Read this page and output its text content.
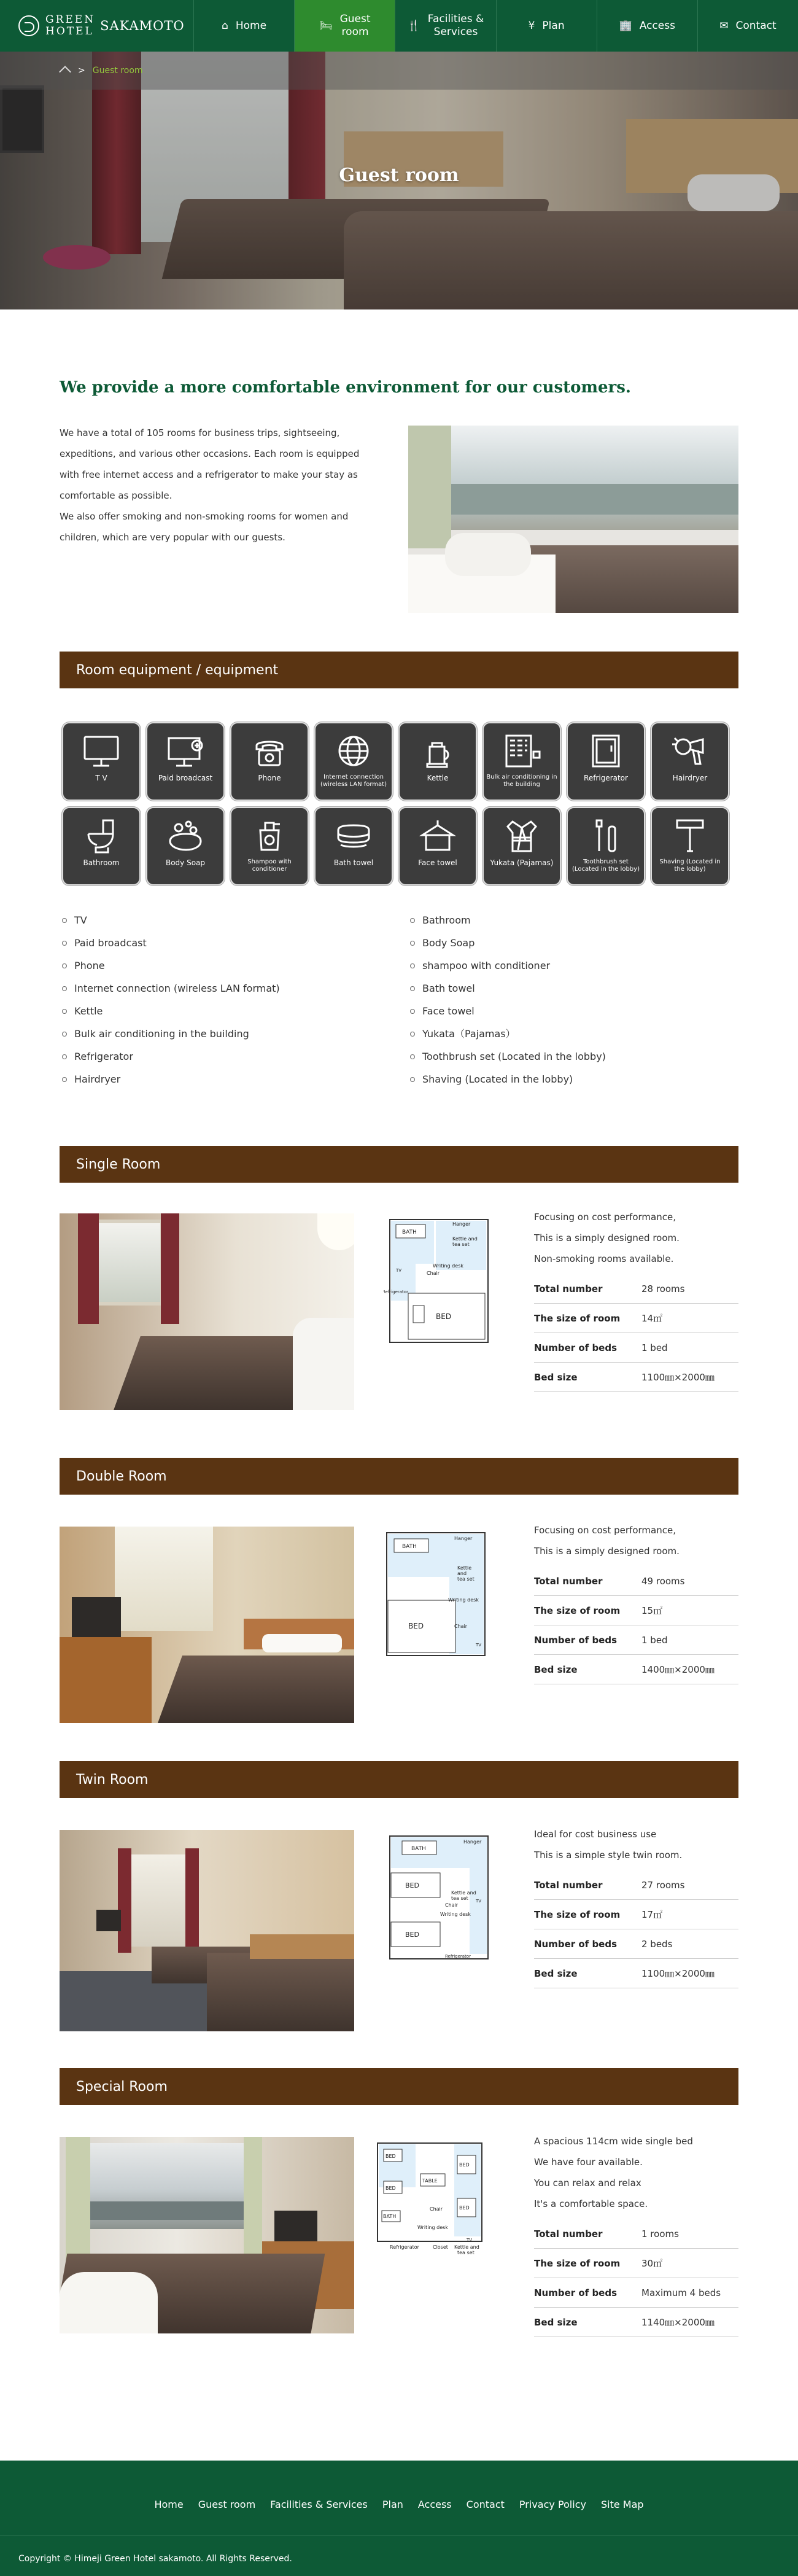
GREEN
HOTEL SAKAMOTO	⌂ Home	🛏
Guest
room
🍴
Facilities &
Services
¥ Plan	🏢 Access	✉ Contact
Guest room
> Guest room
We provide a more comfortable environment for our customers.

We have a total of 105 rooms for business trips, sightseeing, expeditions, and various other occasions. Each room is equipped with free internet access and a refrigerator to make your stay as comfortable as possible.
We also offer smoking and non-smoking rooms for women and children, which are very popular with our guests.

Room equipment / equipment
T V	Paid broadcast	Phone	Internet connection (wireless LAN format)
Kettle	Bulk air conditioning in the building
Refrigerator	Hairdryer
Bathroom	Body Soap	Shampoo with conditioner
Bath towel	Face towel	Yukata (Pajamas)	Toothbrush set (Located in the lobby)
Shaving (Located in the lobby)
TV
Paid broadcast
Phone
Internet connection (wireless LAN format)
Kettle
Bulk air conditioning in the building
Refrigerator
Hairdryer
Bathroom
Body Soap
shampoo with conditioner
Bath towel
Face towel
Yukata（Pajamas）
Toothbrush set (Located in the lobby)
Shaving (Located in the lobby)
Single Room
BATH
BED
Hanger
Kettle and
tea set
Writing desk
Chair
TV
Refrigerator

Focusing on cost performance,
This is a simply designed room.
Non-smoking rooms available.

Total number	28 rooms
The size of room	14㎡
Number of beds	1 bed
Bed size	1100㎜×2000㎜
Double Room
BATH
BED
Hanger
Kettle
and
tea set
Writing desk
Chair
TV

Focusing on cost performance,
This is a simply designed room.

Total number	49 rooms
The size of room	15㎡
Number of beds	1 bed
Bed size	1400㎜×2000㎜
Twin Room
BATH
BED
BED
Hanger
Kettle and
tea set
Writing desk
Chair
TV
Refrigerator

Ideal for cost business use
This is a simple style twin room.

Total number	27 rooms
The size of room	17㎡
Number of beds	2 beds
Bed size	1100㎜×2000㎜
Special Room
BED
BED
BED
BED
TABLE
BATH
Chair
Writing desk
TV
Refrigerator	Closet Kettle and
tea set

A spacious 114cm wide single bed
We have four available.
You can relax and relax
It's a comfortable space.

Total number	1 rooms
The size of room	30㎡
Number of beds	Maximum 4 beds
Bed size	1140㎜×2000㎜
Home	Guest room	Facilities & Services	Plan	Access	Contact	Privacy Policy	Site Map
Copyright © Himeji Green Hotel sakamoto. All Rights Reserved.
